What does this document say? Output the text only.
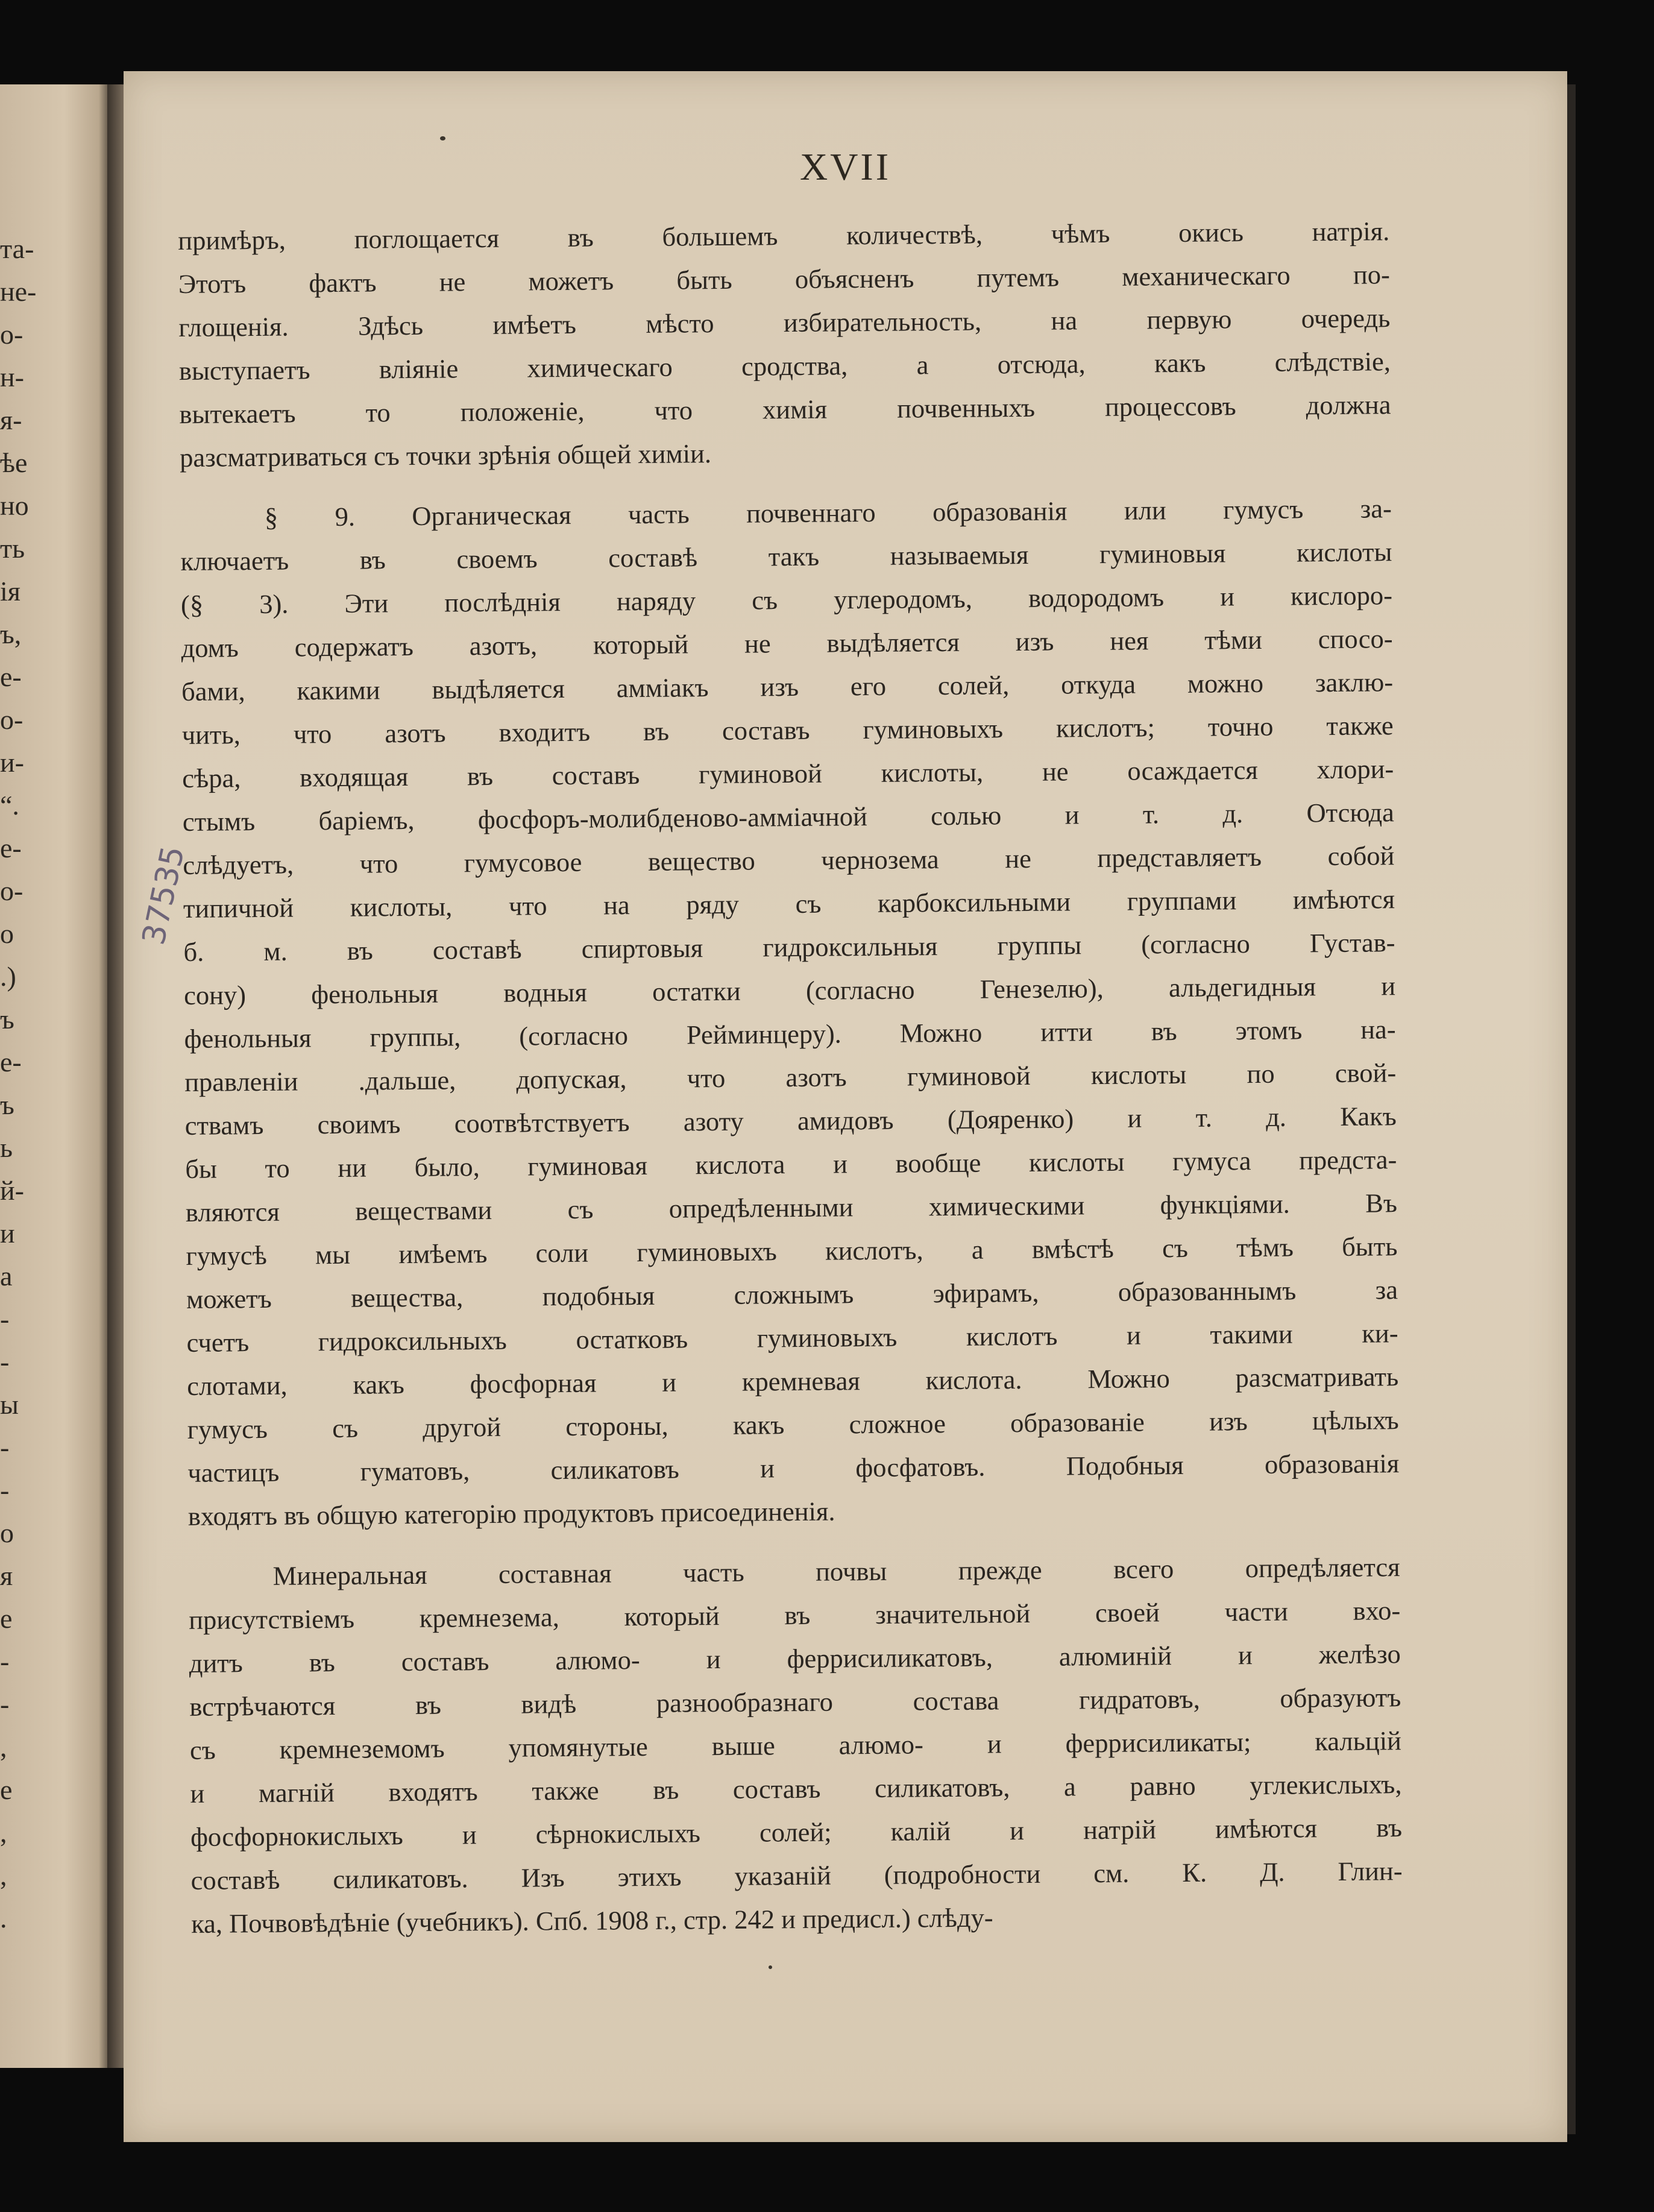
та-
не-
о-
н-
я-
ѣе
но
ть
ія
ъ,
е-
о-
и-
“.
е-
о-
о
.)
ъ
е-
ъ
ь
й-
и
а
-
-
ы
-
-
о
я
е
-
-
,
е
,
,
.
XVII

примѣръ, поглощается въ большемъ количествѣ, чѣмъ окись натрія.
Этотъ фактъ не можетъ быть объясненъ путемъ механическаго по-
глощенія. Здѣсь имѣетъ мѣсто избирательность, на первую очередь
выступаетъ вліяніе химическаго сродства, а отсюда, какъ слѣдствіе,
вытекаетъ то положеніе, что химія почвенныхъ процессовъ должна
разсматриваться съ точки зрѣнія общей химіи.

§ 9. Органическая часть почвеннаго образованія или гумусъ за-
ключаетъ въ своемъ составѣ такъ называемыя гуминовыя кислоты
(§ 3). Эти послѣднія наряду съ углеродомъ, водородомъ и кислоро-
домъ содержатъ азотъ, который не выдѣляется изъ нея тѣми спосо-
бами, какими выдѣляется амміакъ изъ его солей, откуда можно заклю-
чить, что азотъ входитъ въ составъ гуминовыхъ кислотъ; точно также
сѣра, входящая въ составъ гуминовой кислоты, не осаждается хлори-
стымъ баріемъ, фосфоръ-молибденово-амміачной солью и т. д. Отсюда
слѣдуетъ, что гумусовое вещество чернозема не представляетъ собой
типичной кислоты, что на ряду съ карбоксильными группами имѣются
б. м. въ составѣ спиртовыя гидроксильныя группы (согласно Густав-
сону) фенольныя водныя остатки (согласно Генезелю), альдегидныя и
фенольныя группы, (согласно Рейминцеру). Можно итти въ этомъ на-
правленіи .дальше, допуская, что азотъ гуминовой кислоты по свой-
ствамъ своимъ соотвѣтствуетъ азоту амидовъ (Дояренко) и т. д. Какъ
бы то ни было, гуминовая кислота и вообще кислоты гумуса предста-
вляются веществами съ опредѣленными химическими функціями. Въ
гумусѣ мы имѣемъ соли гуминовыхъ кислотъ, а вмѣстѣ съ тѣмъ быть
можетъ вещества, подобныя сложнымъ эфирамъ, образованнымъ за
счетъ гидроксильныхъ остатковъ гуминовыхъ кислотъ и такими ки-
слотами, какъ фосфорная и кремневая кислота. Можно разсматривать
гумусъ съ другой стороны, какъ сложное образованіе изъ цѣлыхъ
частицъ гуматовъ, силикатовъ и фосфатовъ. Подобныя образованія
входятъ въ общую категорію продуктовъ присоединенія.

Минеральная составная часть почвы прежде всего опредѣляется
присутствіемъ кремнезема, который въ значительной своей части вхо-
дитъ въ составъ алюмо- и феррисиликатовъ, алюминій и желѣзо
встрѣчаются въ видѣ разнообразнаго состава гидратовъ, образуютъ
съ кремнеземомъ упомянутые выше алюмо- и феррисиликаты; кальцій
и магній входятъ также въ составъ силикатовъ, а равно углекислыхъ,
фосфорнокислыхъ и сѣрнокислыхъ солей; калій и натрій имѣются въ
составѣ силикатовъ. Изъ этихъ указаній (подробности см. К. Д. Глин-
ка, Почвовѣдѣніе (учебникъ). Спб. 1908 г., стр. 242 и предисл.) слѣду-

37535
